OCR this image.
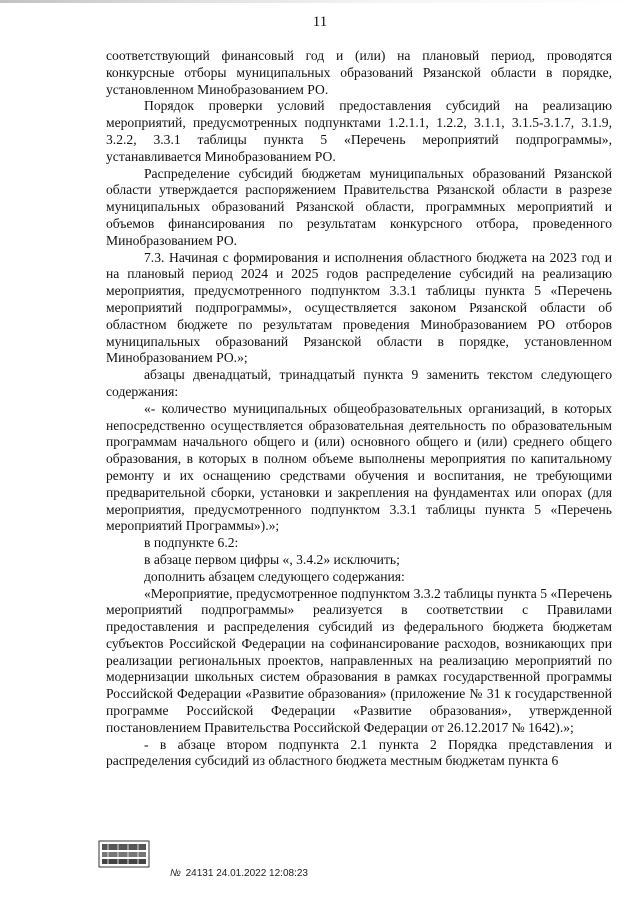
11

соответствующий финансовый год и (или) на плановый период, проводятся конкурсные отборы муниципальных образований Рязанской области в порядке, установленном Минобразованием РО.

Порядок проверки условий предоставления субсидий на реализацию мероприятий, предусмотренных подпунктами 1.2.1.1, 1.2.2, 3.1.1, 3.1.5-3.1.7, 3.1.9, 3.2.2, 3.3.1 таблицы пункта 5 «Перечень мероприятий подпрограммы», устанавливается Минобразованием РО.

Распределение субсидий бюджетам муниципальных образований Рязанской области утверждается распоряжением Правительства Рязанской области в разрезе муниципальных образований Рязанской области, программных мероприятий и объемов финансирования по результатам конкурсного отбора, проведенного Минобразованием РО.

7.3. Начиная с формирования и исполнения областного бюджета на 2023 год и на плановый период 2024 и 2025 годов распределение субсидий на реализацию мероприятия, предусмотренного подпунктом 3.3.1 таблицы пункта 5 «Перечень мероприятий подпрограммы», осуществляется законом Рязанской области об областном бюджете по результатам проведения Минобразованием РО отборов муниципальных образований Рязанской области в порядке, установленном Минобразованием РО.»;

абзацы двенадцатый, тринадцатый пункта 9 заменить текстом следующего содержания:

«- количество муниципальных общеобразовательных организаций, в которых непосредственно осуществляется образовательная деятельность по образовательным программам начального общего и (или) основного общего и (или) среднего общего образования, в которых в полном объеме выполнены мероприятия по капитальному ремонту и их оснащению средствами обучения и воспитания, не требующими предварительной сборки, установки и закрепления на фундаментах или опорах (для мероприятия, предусмотренного подпунктом 3.3.1 таблицы пункта 5 «Перечень мероприятий Программы»).»;

в подпункте 6.2:

в абзаце первом цифры «, 3.4.2» исключить;

дополнить абзацем следующего содержания:

«Мероприятие, предусмотренное подпунктом 3.3.2 таблицы пункта 5 «Перечень мероприятий подпрограммы» реализуется в соответствии с Правилами предоставления и распределения субсидий из федерального бюджета бюджетам субъектов Российской Федерации на софинансирование расходов, возникающих при реализации региональных проектов, направленных на реализацию мероприятий по модернизации школьных систем образования в рамках государственной программы Российской Федерации «Развитие образования» (приложение № 31 к государственной программе Российской Федерации «Развитие образования», утвержденной постановлением Правительства Российской Федерации от 26.12.2017 № 1642).»;

- в абзаце втором подпункта 2.1 пункта 2 Порядка представления и распределения субсидий из областного бюджета местным бюджетам пункта 6

№ 24131 24.01.2022 12:08:23
